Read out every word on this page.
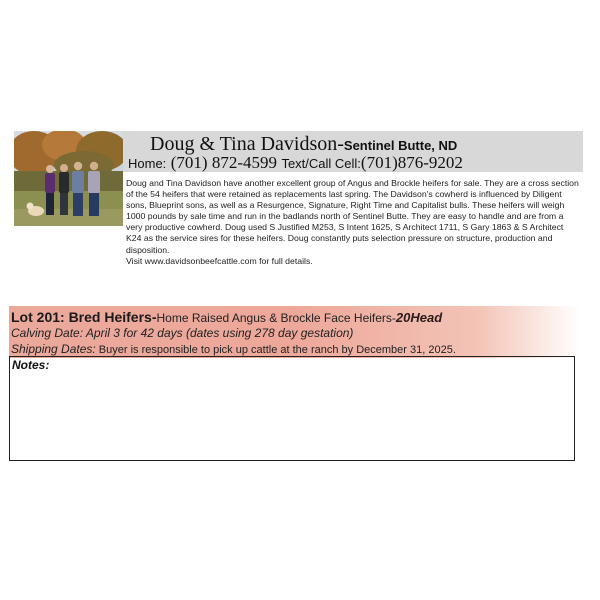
Doug & Tina Davidson-Sentinel Butte, ND
Home: (701) 872-4599 Text/Call Cell:(701)876-9202
Doug and Tina Davidson have another excellent group of Angus and Brockle heifers for sale. They are a cross section of the 54 heifers that were retained as replacements last spring. The Davidson's cowherd is influenced by Diligent sons, Blueprint sons, as well as a Resurgence, Signature, Right Time and Capitalist bulls. These heifers will weigh 1000 pounds by sale time and run in the badlands north of Sentinel Butte. They are easy to handle and are from a very productive cowherd. Doug used S Justified M253, S Intent 1625, S Architect 1711, S Gary 1863 & S Architect K24 as the service sires for these heifers. Doug constantly puts selection pressure on structure, production and disposition.
Visit www.davidsonbeefcattle.com for full details.
Lot 201: Bred Heifers-Home Raised Angus & Brockle Face Heifers-20Head
Calving Date: April 3 for 42 days (dates using 278 day gestation)
Shipping Dates: Buyer is responsible to pick up cattle at the ranch by December 31, 2025.
Notes:
